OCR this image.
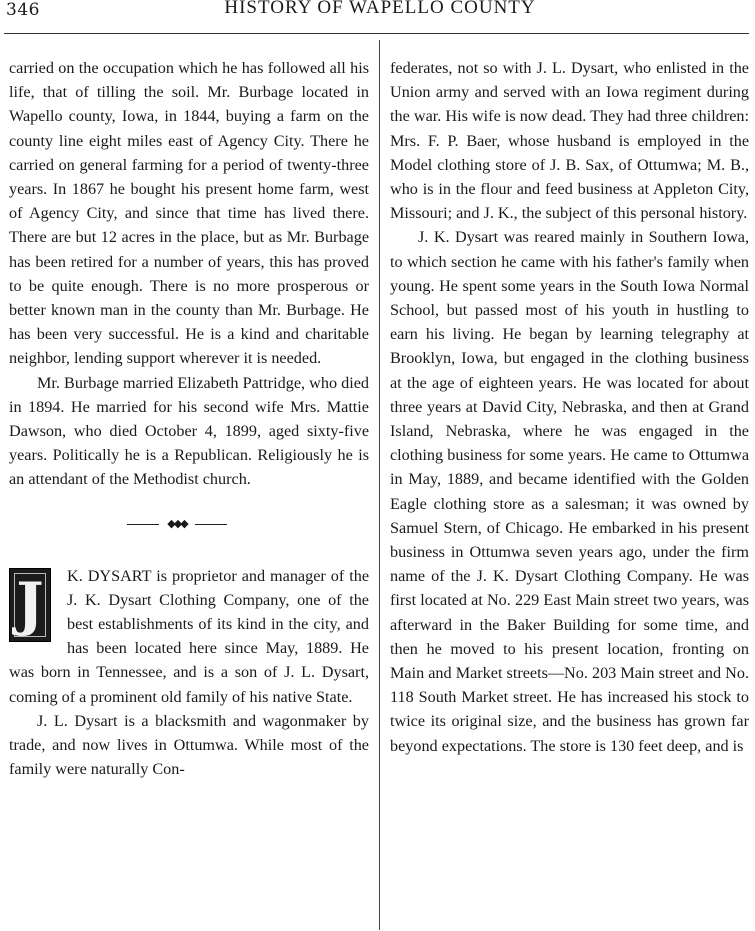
346	HISTORY OF WAPELLO COUNTY

carried on the occupation which he has followed all his life, that of tilling the soil. Mr. Burbage located in Wapello county, Iowa, in 1844, buying a farm on the county line eight miles east of Agency City. There he carried on general farming for a period of twenty-three years. In 1867 he bought his present home farm, west of Agency City, and since that time has lived there. There are but 12 acres in the place, but as Mr. Burbage has been retired for a number of years, this has proved to be quite enough. There is no more prosperous or better known man in the county than Mr. Burbage. He has been very successful. He is a kind and charitable neighbor, lending support wherever it is needed.

Mr. Burbage married Elizabeth Pattridge, who died in 1894. He married for his second wife Mrs. Mattie Dawson, who died October 4, 1899, aged sixty-five years. Politically he is a Republican. Religiously he is an attendant of the Methodist church.

◆◆◆
J	K. DYSART is proprietor and manager of the J. K. Dysart Clothing Company, one of the best establishments of its kind in the city, and has been located here since May, 1889. He was born in Tennessee, and is a son of J. L. Dysart, coming of a prominent old family of his native State.

J. L. Dysart is a blacksmith and wagonmaker by trade, and now lives in Ottumwa. While most of the family were naturally Con-

federates, not so with J. L. Dysart, who enlisted in the Union army and served with an Iowa regiment during the war. His wife is now dead. They had three children: Mrs. F. P. Baer, whose husband is employed in the Model clothing store of J. B. Sax, of Ottumwa; M. B., who is in the flour and feed business at Appleton City, Missouri; and J. K., the subject of this personal history.

J. K. Dysart was reared mainly in Southern Iowa, to which section he came with his father's family when young. He spent some years in the South Iowa Normal School, but passed most of his youth in hustling to earn his living. He began by learning telegraphy at Brooklyn, Iowa, but engaged in the clothing business at the age of eighteen years. He was located for about three years at David City, Nebraska, and then at Grand Island, Nebraska, where he was engaged in the clothing business for some years. He came to Ottumwa in May, 1889, and became identified with the Golden Eagle clothing store as a salesman; it was owned by Samuel Stern, of Chicago. He embarked in his present business in Ottumwa seven years ago, under the firm name of the J. K. Dysart Clothing Company. He was first located at No. 229 East Main street two years, was afterward in the Baker Building for some time, and then he moved to his present location, fronting on Main and Market streets—No. 203 Main street and No. 118 South Market street. He has increased his stock to twice its original size, and the business has grown far beyond expectations. The store is 130 feet deep, and is
